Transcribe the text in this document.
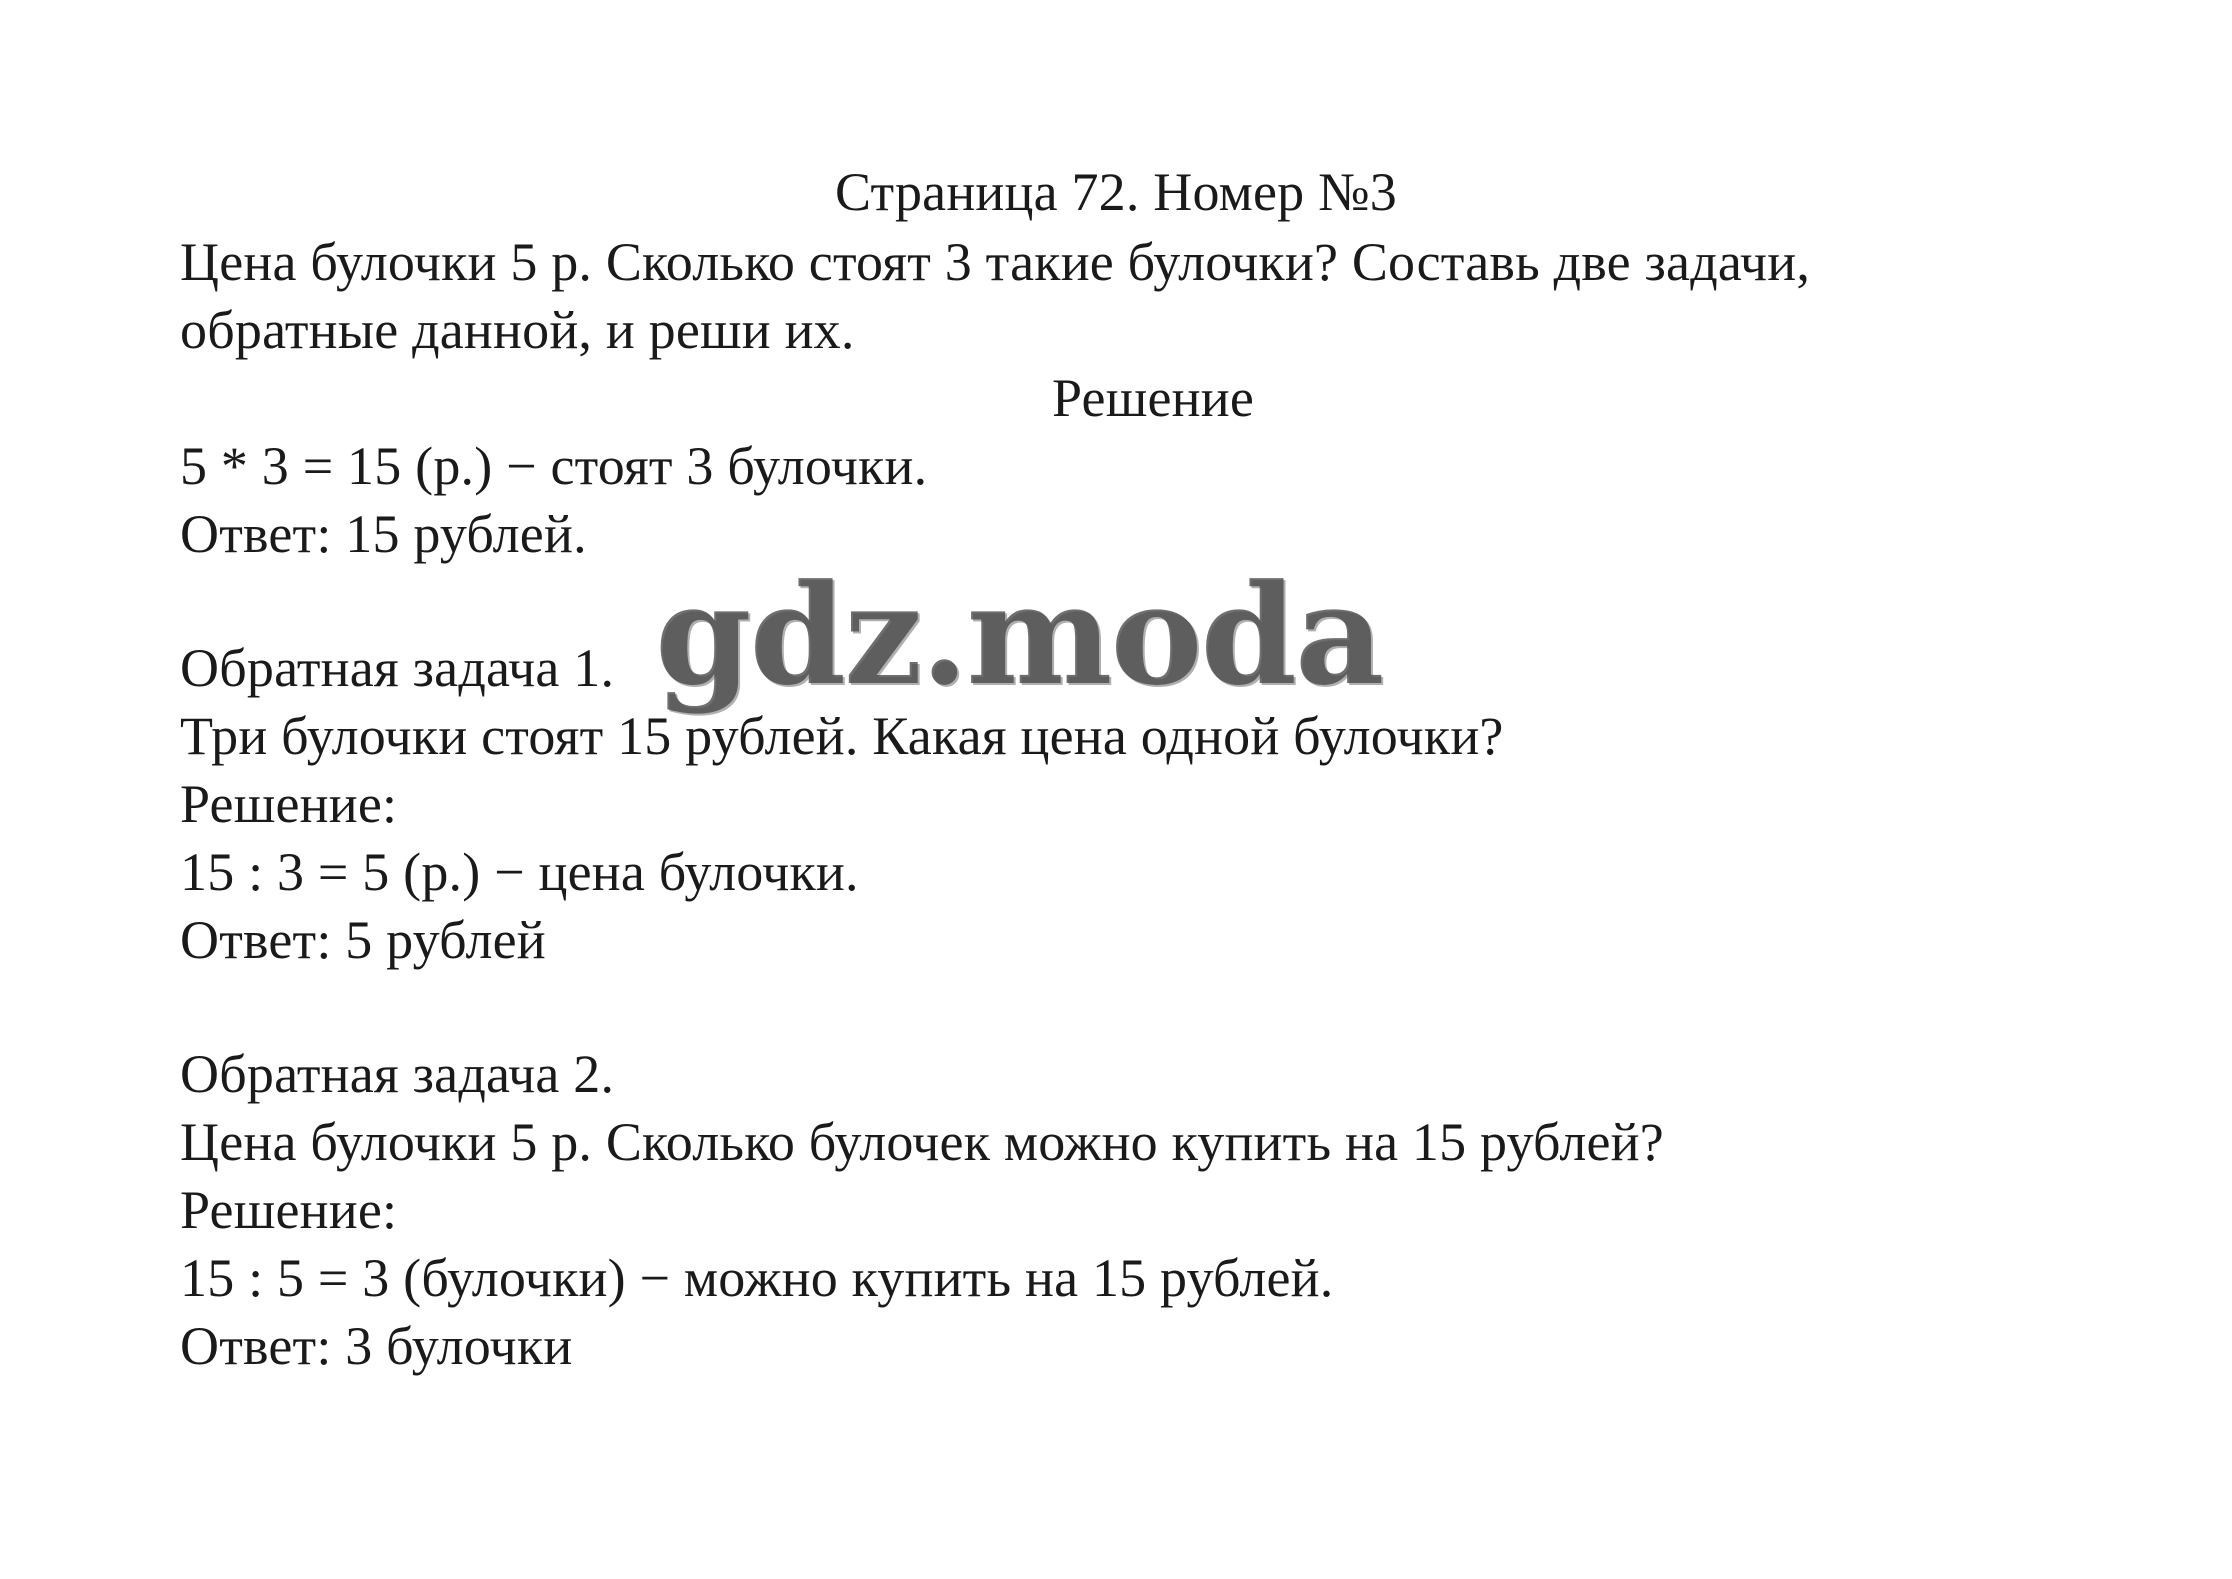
Страница 72. Номер №3
Цена булочки 5 р. Сколько стоят 3 такие булочки? Составь две задачи,
обратные данной, и реши их.
Решение
5 * 3 = 15 (р.) − стоят 3 булочки.
Ответ: 15 рублей.
Обратная задача 1.
Три булочки стоят 15 рублей. Какая цена одной булочки?
Решение:
15 : 3 = 5 (р.) − цена булочки.
Ответ: 5 рублей
Обратная задача 2.
Цена булочки 5 р. Сколько булочек можно купить на 15 рублей?
Решение:
15 : 5 = 3 (булочки) − можно купить на 15 рублей.
Ответ: 3 булочки
gdz.moda
